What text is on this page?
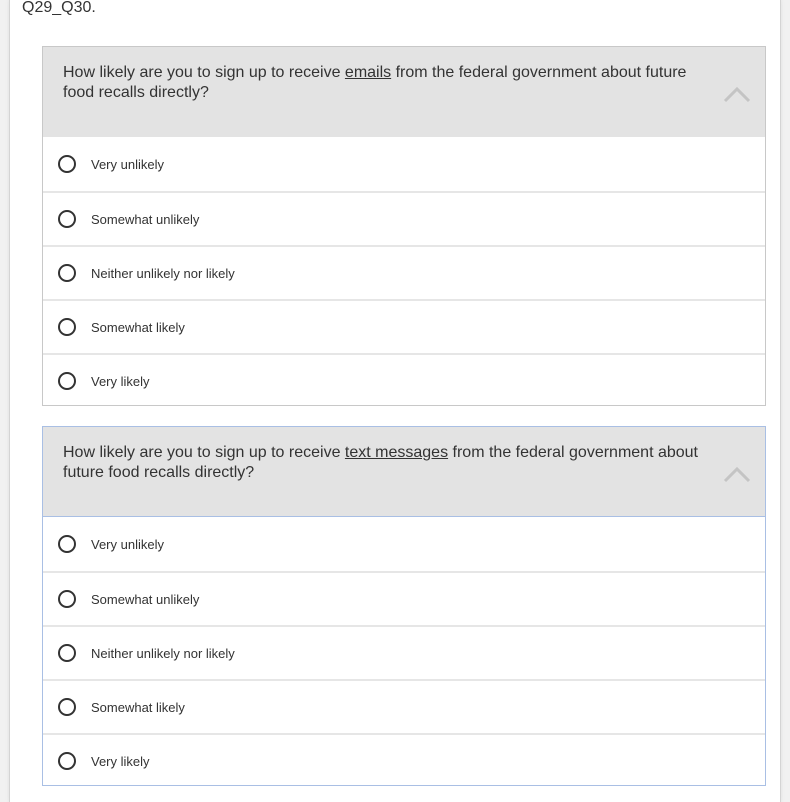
Q29_Q30.
How likely are you to sign up to receive emails from the federal government about future food recalls directly?
Very unlikely
Somewhat unlikely
Neither unlikely nor likely
Somewhat likely
Very likely
How likely are you to sign up to receive text messages from the federal government about future food recalls directly?
Very unlikely
Somewhat unlikely
Neither unlikely nor likely
Somewhat likely
Very likely
